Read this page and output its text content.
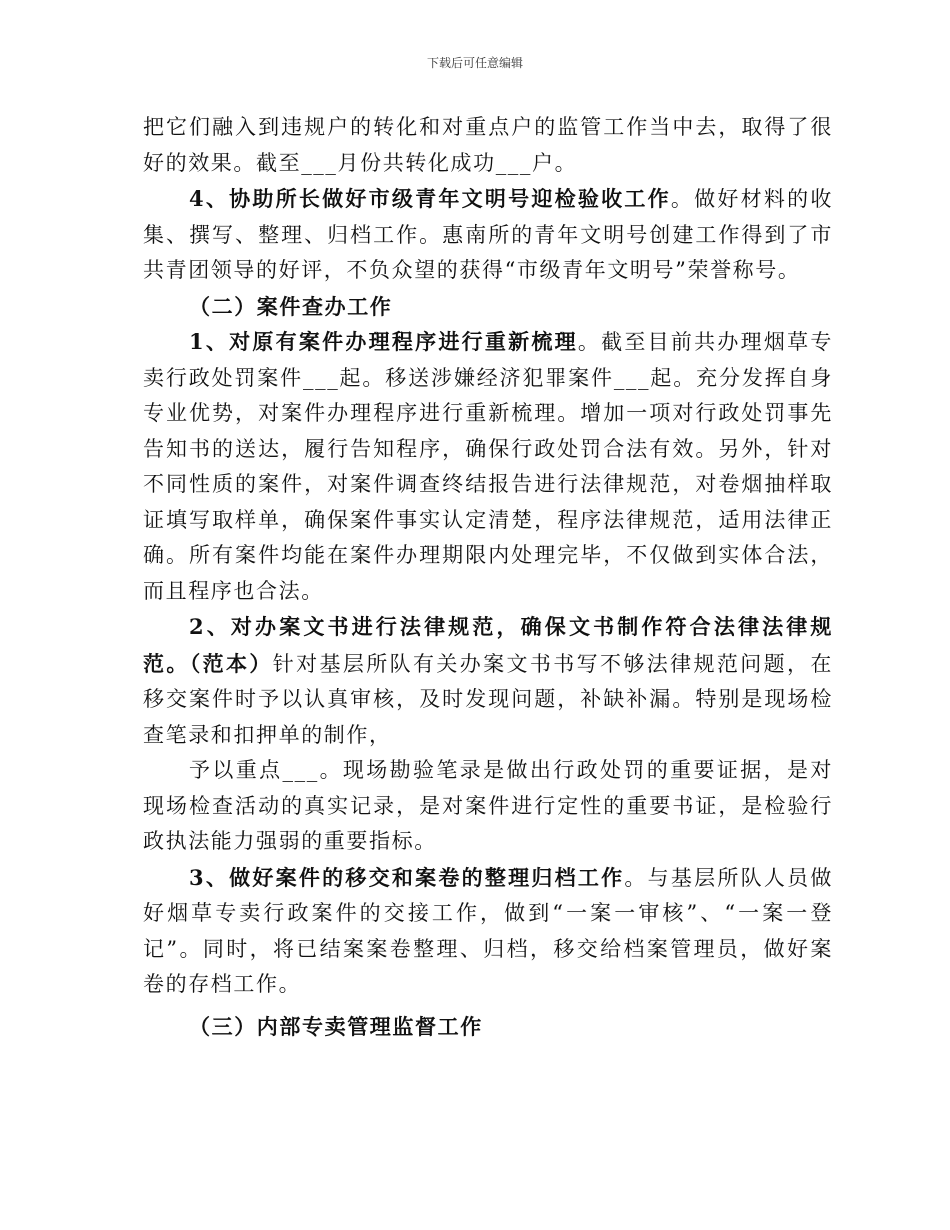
下载后可任意编辑

把它们融入到违规户的转化和对重点户的监管工作当中去，取得了很好的效果。截至___月份共转化成功___户。

4、协助所长做好市级青年文明号迎检验收工作。做好材料的收集、撰写、整理、归档工作。惠南所的青年文明号创建工作得到了市共青团领导的好评，不负众望的获得“市级青年文明号”荣誉称号。

（二）案件查办工作

1、对原有案件办理程序进行重新梳理。截至目前共办理烟草专卖行政处罚案件___起。移送涉嫌经济犯罪案件___起。充分发挥自身专业优势，对案件办理程序进行重新梳理。增加一项对行政处罚事先告知书的送达，履行告知程序，确保行政处罚合法有效。另外，针对不同性质的案件，对案件调查终结报告进行法律规范，对卷烟抽样取证填写取样单，确保案件事实认定清楚，程序法律规范，适用法律正确。所有案件均能在案件办理期限内处理完毕，不仅做到实体合法，而且程序也合法。

2、对办案文书进行法律规范，确保文书制作符合法律法律规范。（范本）针对基层所队有关办案文书书写不够法律规范问题，在移交案件时予以认真审核，及时发现问题，补缺补漏。特别是现场检查笔录和扣押单的制作，

予以重点___。现场勘验笔录是做出行政处罚的重要证据，是对现场检查活动的真实记录，是对案件进行定性的重要书证，是检验行政执法能力强弱的重要指标。

3、做好案件的移交和案卷的整理归档工作。与基层所队人员做好烟草专卖行政案件的交接工作，做到“一案一审核”、“一案一登记”。同时，将已结案案卷整理、归档，移交给档案管理员，做好案卷的存档工作。

（三）内部专卖管理监督工作
